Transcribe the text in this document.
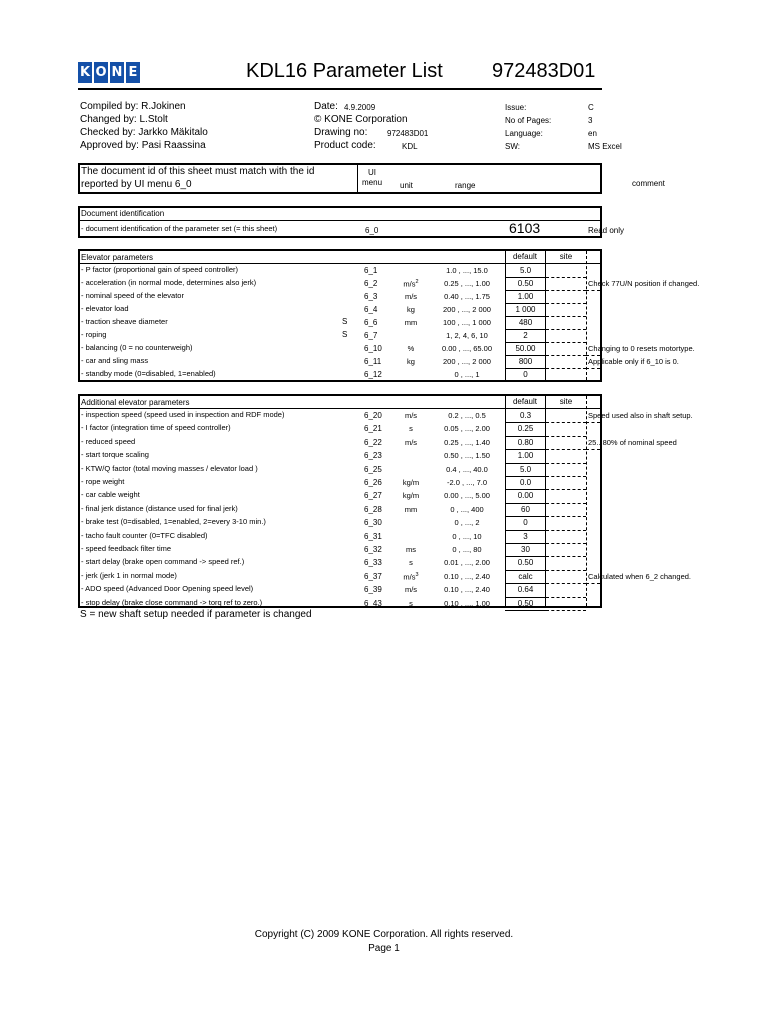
K O N E	KDL16 Parameter List 972483D01
Compiled by: R.Jokinen
Changed by: L.Stolt
Checked by: Jarkko Mäkitalo
Approved by: Pasi Raassina
Date: 4.9.2009
© KONE Corporation
Drawing no: 972483D01
Product code:	KDL
Issue:	C
No of Pages:	3
Language:	en
SW:	MS Excel
The document id of this sheet must match with the id
reported by UI menu 6_0
UI
menu unit	range	comment
Document identification
- document identification of the parameter set (= this sheet)	6_0	6103	Read only
Elevator parameters	default	site
- P factor (proportional gain of speed controller)	6_1	1.0 , ..., 15.0	5.0
- acceleration (in normal mode, determines also jerk)	6_2	$m/s^2$	0.25 , ..., 1.00	0.50	Check 77U/N position if changed.
- nominal speed of the elevator	6_3	m/s	0.40 , ..., 1.75	1.00
- elevator load	6_4	kg	200 , ..., 2 000	1 000
- traction sheave diameter	S 6_6	mm	100 , ..., 1 000	480
- roping	S 6_7	1, 2, 4, 6, 10	2
- balancing (0 = no counterweigh)	6_10	%	0.00 , ..., 65.00	50.00	Changing to 0 resets motortype.
- car and sling mass	6_11	kg	200 , ..., 2 000	800	Applicable only if 6_10 is 0.
- standby mode (0=disabled, 1=enabled)	6_12	0 , ..., 1	0
Additional elevator parameters	default	site
- inspection speed (speed used in inspection and RDF mode)	6_20	m/s	0.2 , ..., 0.5	0.3	Speed used also in shaft setup.
- I factor (integration time of speed controller)	6_21	s	0.05 , ..., 2.00	0.25
- reduced speed	6_22	m/s	0.25 , ..., 1.40	0.80	25...80% of nominal speed
- start torque scaling	6_23	0.50 , ..., 1.50	1.00
- KTW/Q factor (total moving masses / elevator load )	6_25	0.4 , ..., 40.0	5.0
- rope weight	6_26	kg/m	-2.0 , ..., 7.0	0.0
- car cable weight	6_27	kg/m	0.00 , ..., 5.00	0.00
- final jerk distance (distance used for final jerk)	6_28	mm	0 , ..., 400	60
- brake test (0=disabled, 1=enabled, 2=every 3-10 min.)	6_30	0 , ..., 2	0
- tacho fault counter (0=TFC disabled)	6_31	0 , ..., 10	3
- speed feedback filter time	6_32	ms	0 , ..., 80	30
- start delay (brake open command -> speed ref.)	6_33	s	0.01 , ..., 2.00	0.50
- jerk (jerk 1 in normal mode)	6_37	$m/s^3$	0.10 , ..., 2.40	calc	Calculated when 6_2 changed.
- ADO speed (Advanced Door Opening speed level)	6_39	m/s	0.10 , ..., 2.40	0.64
- stop delay (brake close command -> torq ref to zero.)	6_43	s	0.10 , ..., 1.00	0.50
S = new shaft setup needed if parameter is changed
Copyright (C) 2009 KONE Corporation. All rights reserved.
Page 1
